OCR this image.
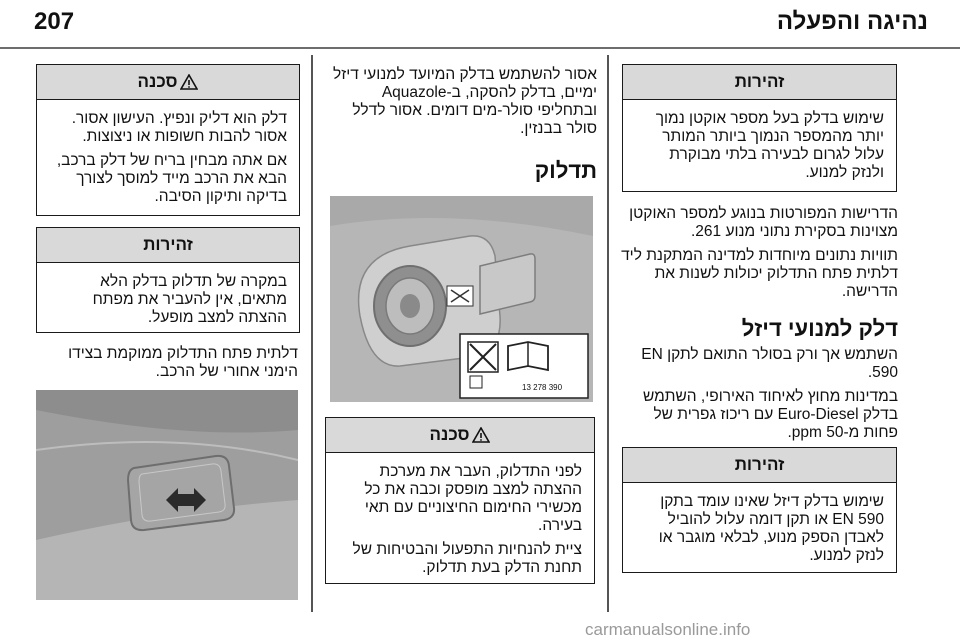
207	נהיגה והפעלה
זהירות

שימוש בדלק בעל מספר אוקטן נמוך יותר מהמספר הנמוך ביותר המותר עלול לגרום לבעירה בלתי מבוקרת ולנזק למנוע.

הדרישות המפורטות בנוגע למספר האוקטן מצוינות בסקירת נתוני מנוע 261.

תוויות נתונים מיוחדות למדינה המתקנת ליד דלתית פתח התדלוק יכולות לשנות את הדרישה.

דלק למנועי דיזל

השתמש אך ורק בסולר התואם לתקן EN 590.

במדינות מחוץ לאיחוד האירופי, השתמש בדלק Euro-Diesel עם ריכוז גפרית של פחות מ-50 ppm.

זהירות

שימוש בדלק דיזל שאינו עומד בתקן EN 590 או תקן דומה עלול להוביל לאבדן הספק מנוע, לבלאי מוגבר או לנזק למנוע.

אסור להשתמש בדלק המיועד למנועי דיזל ימיים, בדלק להסקה, ב-Aquazole ובתחליפי סולר-מים דומים. אסור לדלל סולר בבנזין.

תדלוק
13 278 390
סכנה

לפני התדלוק, העבר את מערכת ההצתה למצב מופסק וכבה את כל מכשירי החימום החיצוניים עם תאי בעירה.

ציית להנחיות התפעול והבטיחות של תחנת הדלק בעת תדלוק.

סכנה

דלק הוא דליק ונפיץ. העישון אסור. אסור להבות חשופות או ניצוצות.

אם אתה מבחין בריח של דלק ברכב, הבא את הרכב מייד למוסך לצורך בדיקה ותיקון הסיבה.

זהירות

במקרה של תדלוק בדלק הלא מתאים, אין להעביר את מפתח ההצתה למצב מופעל.

דלתית פתח התדלוק ממוקמת בצידו הימני אחורי של הרכב.

carmanualsonline.info
